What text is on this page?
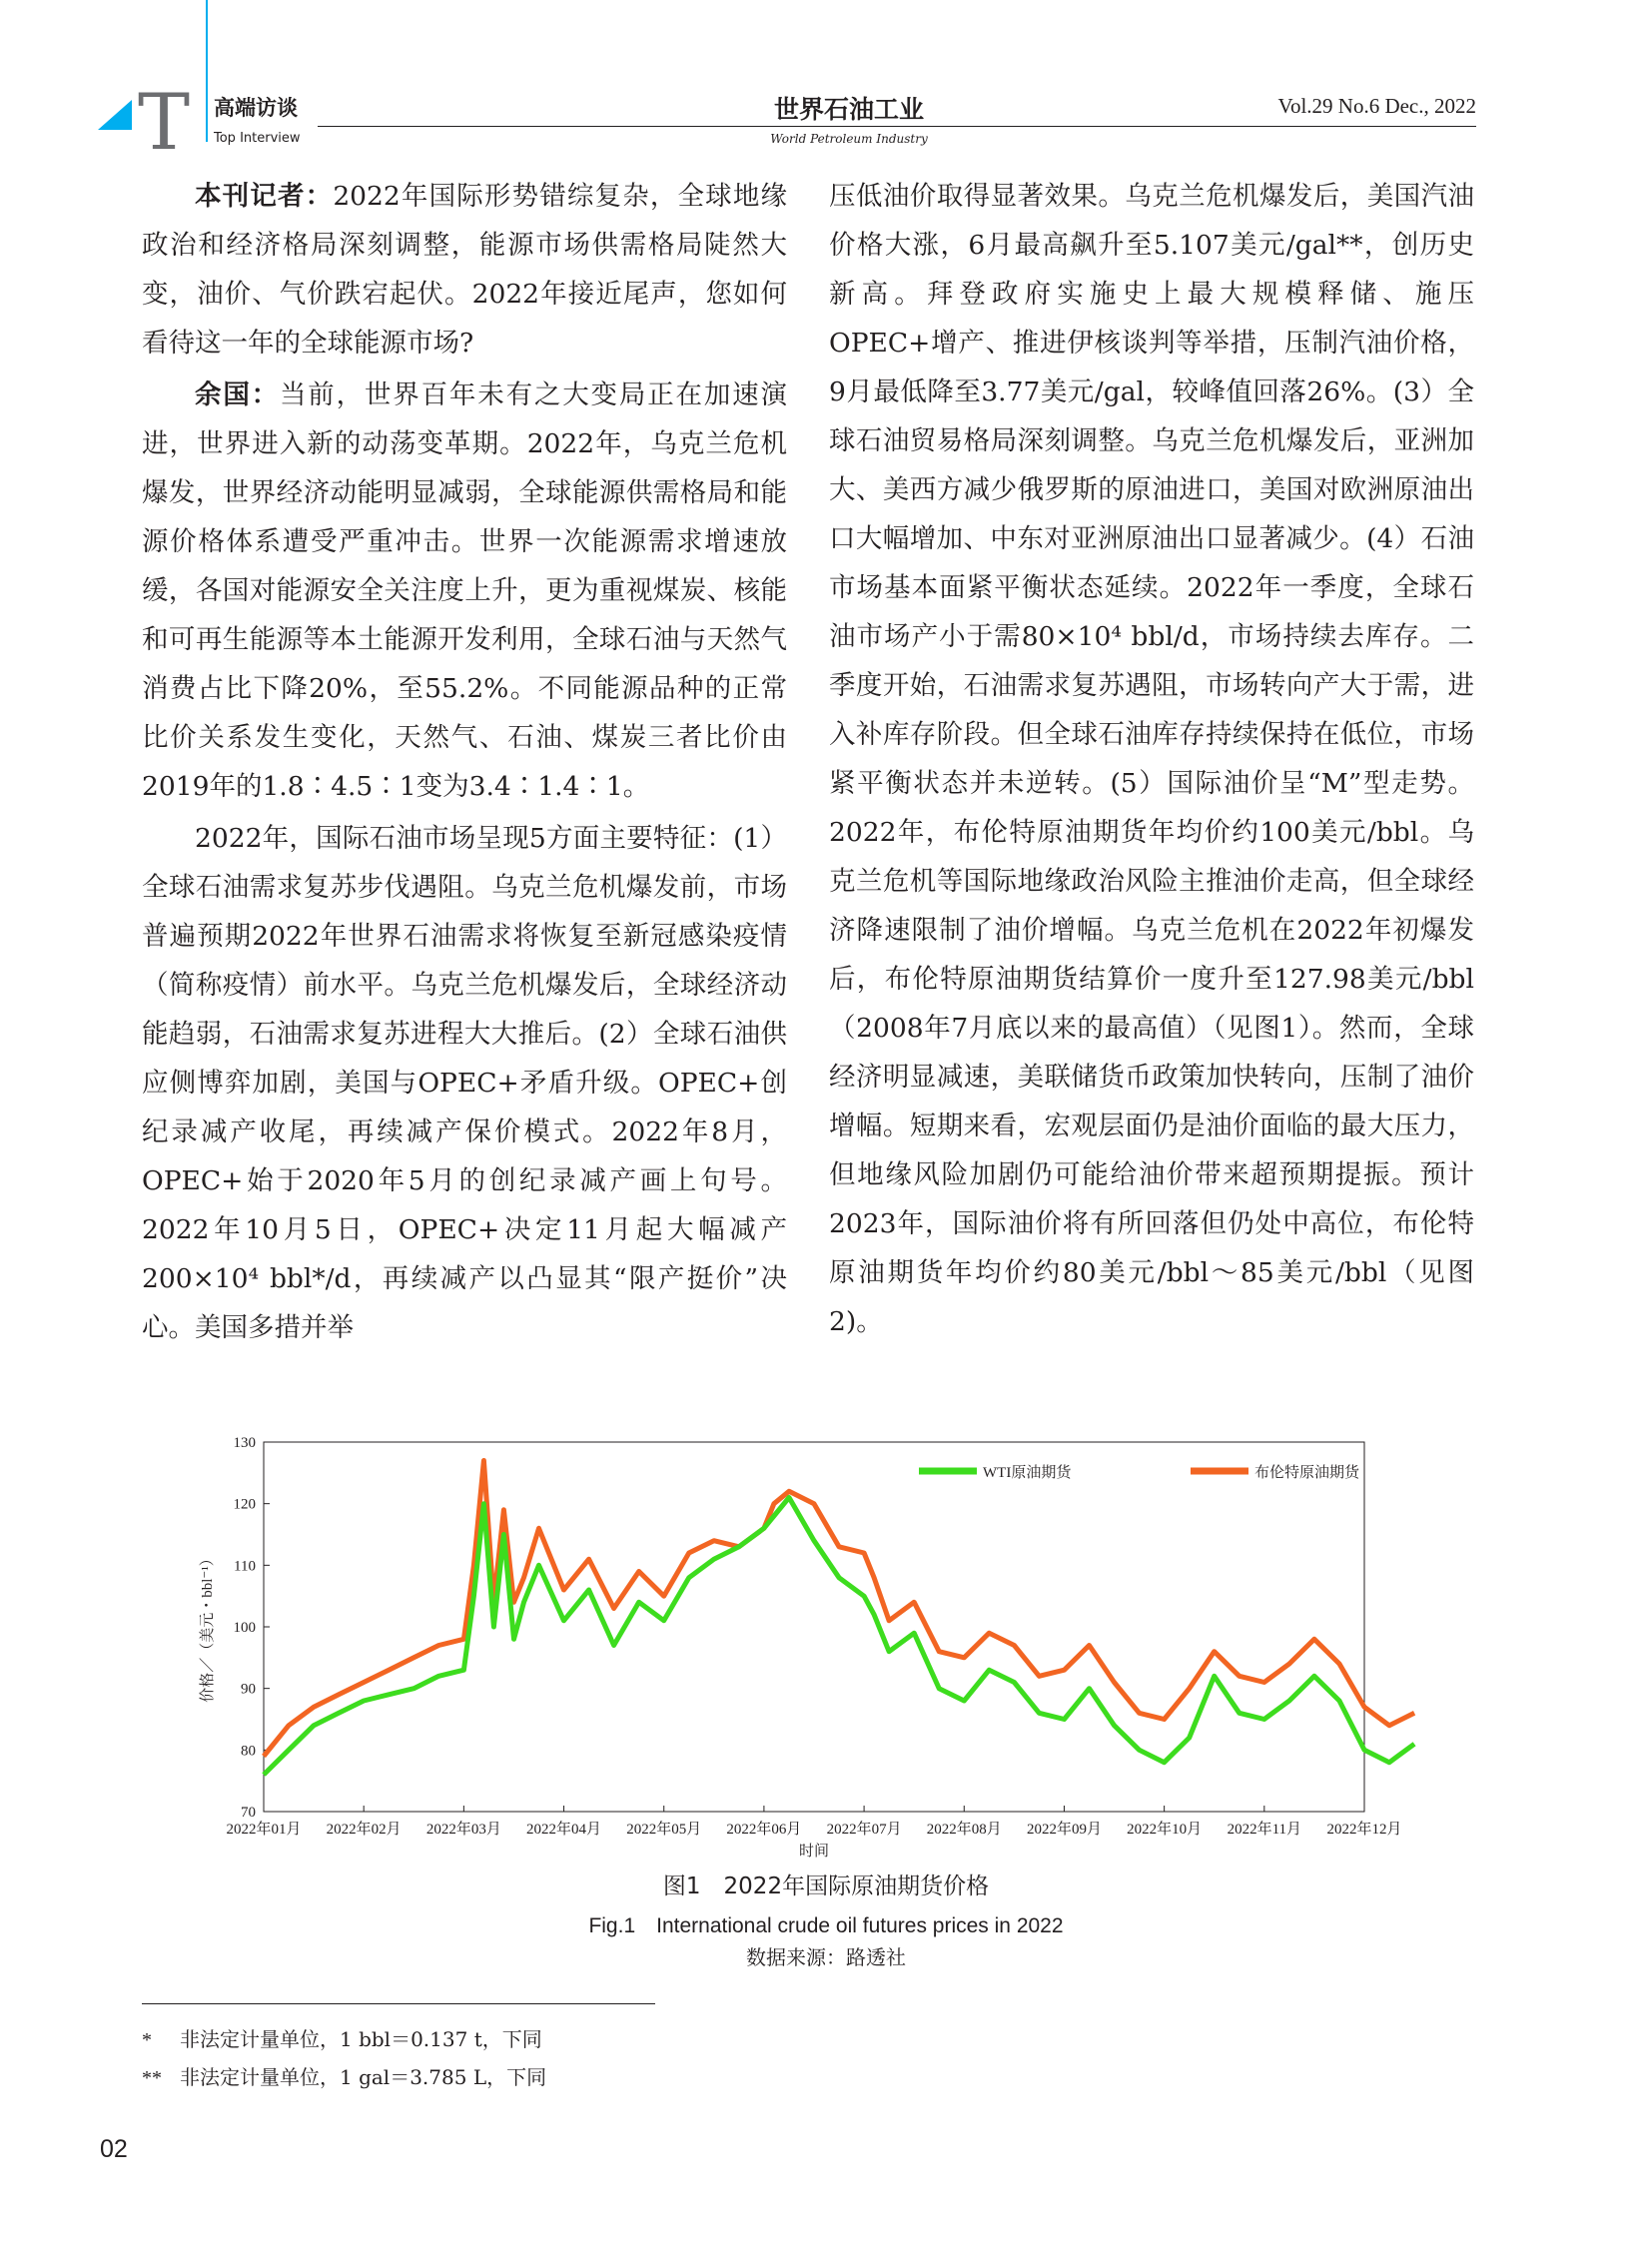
T 高端访谈
Top Interview
世界石油工业
World Petroleum Industry
Vol.29 No.6 Dec., 2022

本刊记者：2022年国际形势错综复杂，全球地缘政治和经济格局深刻调整，能源市场供需格局陡然大变，油价、气价跌宕起伏。2022年接近尾声，您如何看待这一年的全球能源市场?

余国：当前，世界百年未有之大变局正在加速演进，世界进入新的动荡变革期。2022年，乌克兰危机爆发，世界经济动能明显减弱，全球能源供需格局和能源价格体系遭受严重冲击。世界一次能源需求增速放缓，各国对能源安全关注度上升，更为重视煤炭、核能和可再生能源等本土能源开发利用，全球石油与天然气消费占比下降20%，至55.2%。不同能源品种的正常比价关系发生变化，天然气、石油、煤炭三者比价由2019年的1.8∶4.5∶1变为3.4∶1.4∶1。

2022年，国际石油市场呈现5方面主要特征：(1）全球石油需求复苏步伐遇阻。乌克兰危机爆发前，市场普遍预期2022年世界石油需求将恢复至新冠感染疫情（简称疫情）前水平。乌克兰危机爆发后，全球经济动能趋弱，石油需求复苏进程大大推后。(2）全球石油供应侧博弈加剧，美国与OPEC+矛盾升级。OPEC+创纪录减产收尾，再续减产保价模式。2022年8月，OPEC+始于2020年5月的创纪录减产画上句号。2022年10月5日，OPEC+决定11月起大幅减产200×10⁴ bbl*/d，再续减产以凸显其“限产挺价”决心。美国多措并举

压低油价取得显著效果。乌克兰危机爆发后，美国汽油价格大涨，6月最高飙升至5.107美元/gal**，创历史新高。拜登政府实施史上最大规模释储、施压OPEC+增产、推进伊核谈判等举措，压制汽油价格，9月最低降至3.77美元/gal，较峰值回落26%。(3）全球石油贸易格局深刻调整。乌克兰危机爆发后，亚洲加大、美西方减少俄罗斯的原油进口，美国对欧洲原油出口大幅增加、中东对亚洲原油出口显著减少。(4）石油市场基本面紧平衡状态延续。2022年一季度，全球石油市场产小于需80×10⁴ bbl/d，市场持续去库存。二季度开始，石油需求复苏遇阻，市场转向产大于需，进入补库存阶段。但全球石油库存持续保持在低位，市场紧平衡状态并未逆转。(5）国际油价呈“M”型走势。2022年，布伦特原油期货年均价约100美元/bbl。乌克兰危机等国际地缘政治风险主推油价走高，但全球经济降速限制了油价增幅。乌克兰危机在2022年初爆发后，布伦特原油期货结算价一度升至127.98美元/bbl（2008年7月底以来的最高值）（见图1）。然而，全球经济明显减速，美联储货币政策加快转向，压制了油价增幅。短期来看，宏观层面仍是油价面临的最大压力，但地缘风险加剧仍可能给油价带来超预期提振。预计2023年，国际油价将有所回落但仍处中高位，布伦特原油期货年均价约80美元/bbl～85美元/bbl（见图2)。

70
80
90
100
110
120
130
2022年01月 2022年02月 2022年03月 2022年04月 2022年05月 2022年06月 2022年07月 2022年08月 2022年09月 2022年10月 2022年11月 2022年12月
时间
价格／（美元・bbl⁻¹）
WTI原油期货	布伦特原油期货
图1　2022年国际原油期货价格
Fig.1　International crude oil futures prices in 2022
数据来源：路透社
* 非法定计量单位，1 bbl＝0.137 t，下同
** 非法定计量单位，1 gal＝3.785 L，下同
02
